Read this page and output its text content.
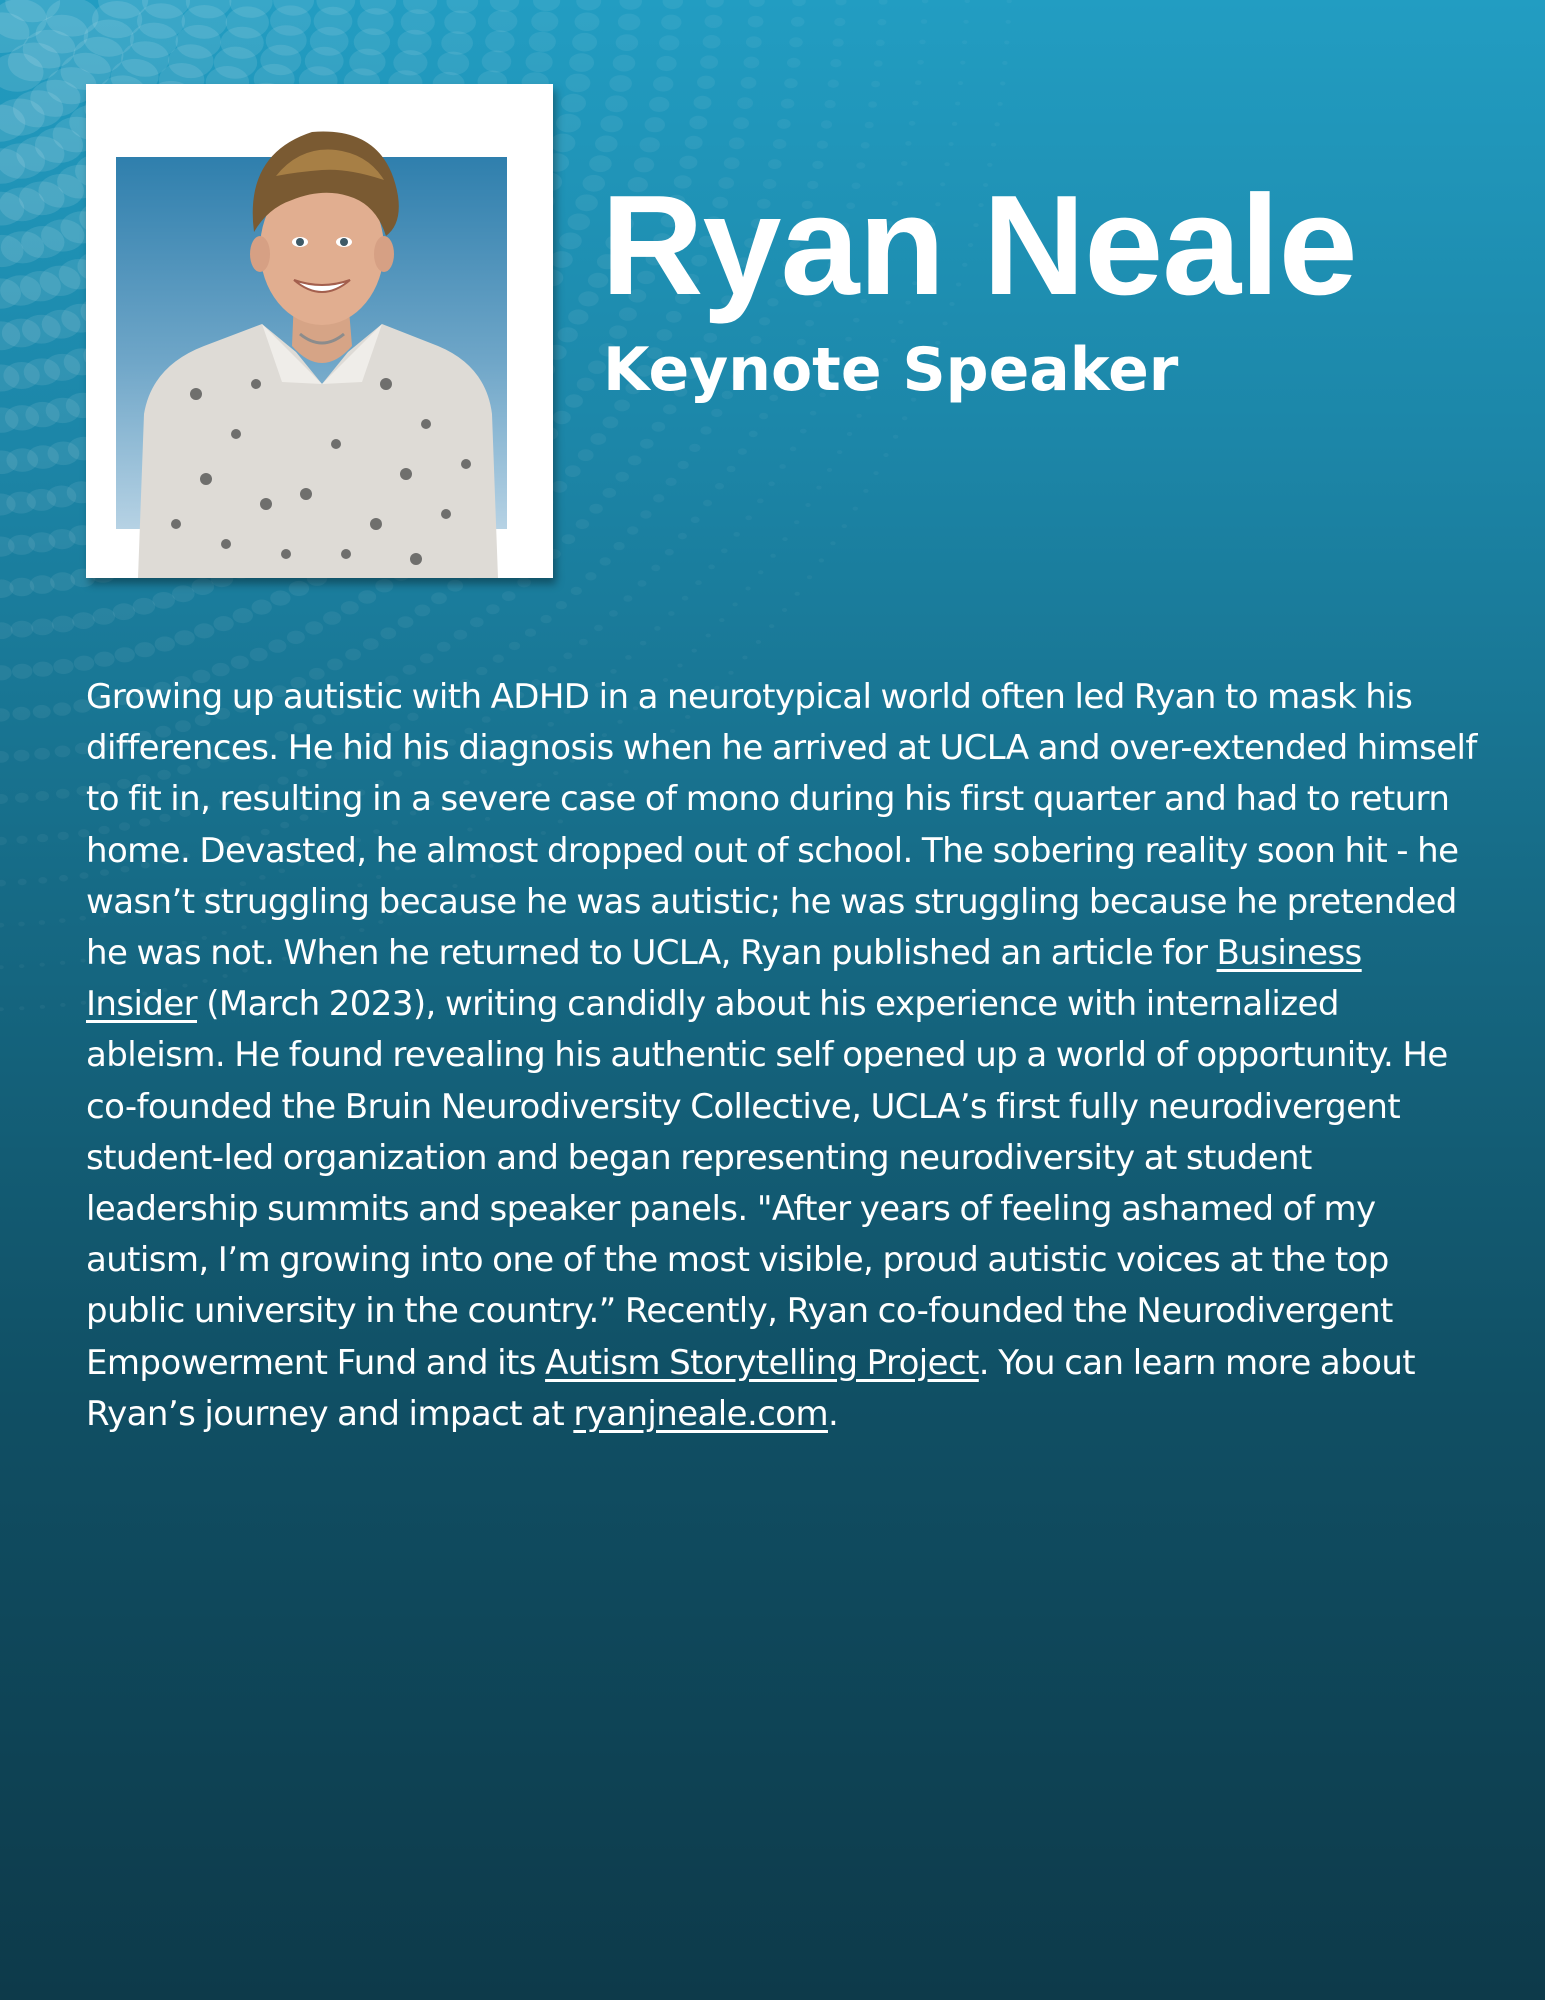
Ryan Neale
Keynote Speaker

Growing up autistic with ADHD in a neurotypical world often led Ryan to mask his differences. He hid his diagnosis when he arrived at UCLA and over-extended himself to fit in, resulting in a severe case of mono during his first quarter and had to return home. Devasted, he almost dropped out of school. The sobering reality soon hit - he wasn’t struggling because he was autistic; he was struggling because he pretended he was not. When he returned to UCLA, Ryan published an article for Business Insider (March 2023), writing candidly about his experience with internalized ableism. He found revealing his authentic self opened up a world of opportunity. He co-founded the Bruin Neurodiversity Collective, UCLA’s first fully neurodivergent student-led organization and began representing neurodiversity at student leadership summits and speaker panels. "After years of feeling ashamed of my autism, I’m growing into one of the most visible, proud autistic voices at the top public university in the country.” Recently, Ryan co-founded the Neurodivergent Empowerment Fund and its Autism Storytelling Project. You can learn more about Ryan’s journey and impact at ryanjneale.com.
